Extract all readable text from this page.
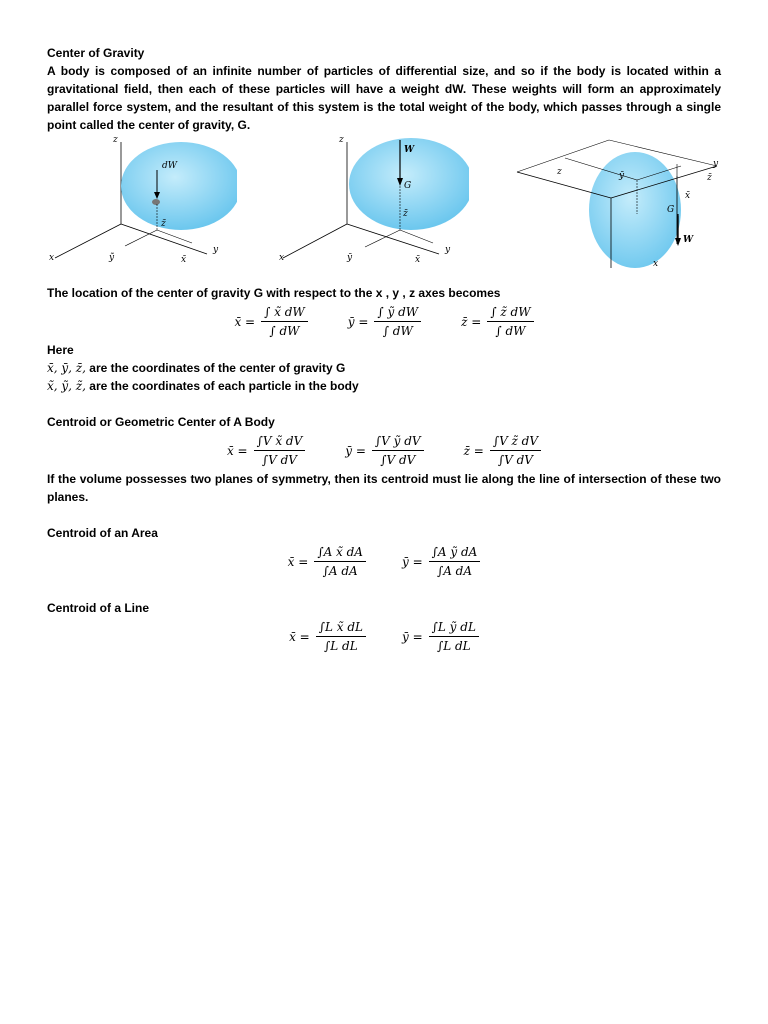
Center of Gravity
A body is composed of an infinite number of particles of differential size, and so if the body is located within a gravitational field, then each of these particles will have a weight dW. These weights will form an approximately parallel force system, and the resultant of this system is the total weight of the body, which passes through a single point called the center of gravity, G.
z
y
x
dW
z̃
ỹ	x̃
z
y
x
W
G
z̄
ȳ	x̄
y
z
x
ȳ	z̄
x̄
G
W
The location of the center of gravity G with respect to the x , y , z axes becomes
x̄ = $\frac{\int x̃ dW}{\int dW}$	ȳ = $\frac{\text{∫ ỹ dW}}{\int dW}$	z̄ = $\frac{\int z̃ dW}{\int dW}$
Here
x̄, ȳ, z̄, are the coordinates of the center of gravity G
x̃, ỹ, z̃, are the coordinates of each particle in the body
Centroid or Geometric Center of A Body
x̄ = $\frac{\text{∫V x̃ dV}}{\text{∫V dV}}$	ȳ = $\frac{\text{∫V ỹ dV}}{\text{∫V dV}}$	z̄ = $\frac{\text{∫V z̃ dV}}{\text{∫V dV}}$
If the volume possesses two planes of symmetry, then its centroid must lie along the line of intersection of these two planes.
Centroid of an Area
x̄ = $\frac{\text{∫A x̃ dA}}{\text{∫A dA}}$	ȳ = $\frac{\text{∫A ỹ dA}}{\text{∫A dA}}$
Centroid of a Line
x̄ = $\frac{\text{∫L x̃ dL}}{\text{∫L dL}}$	ȳ = $\frac{\text{∫L ỹ dL}}{\text{∫L dL}}$
